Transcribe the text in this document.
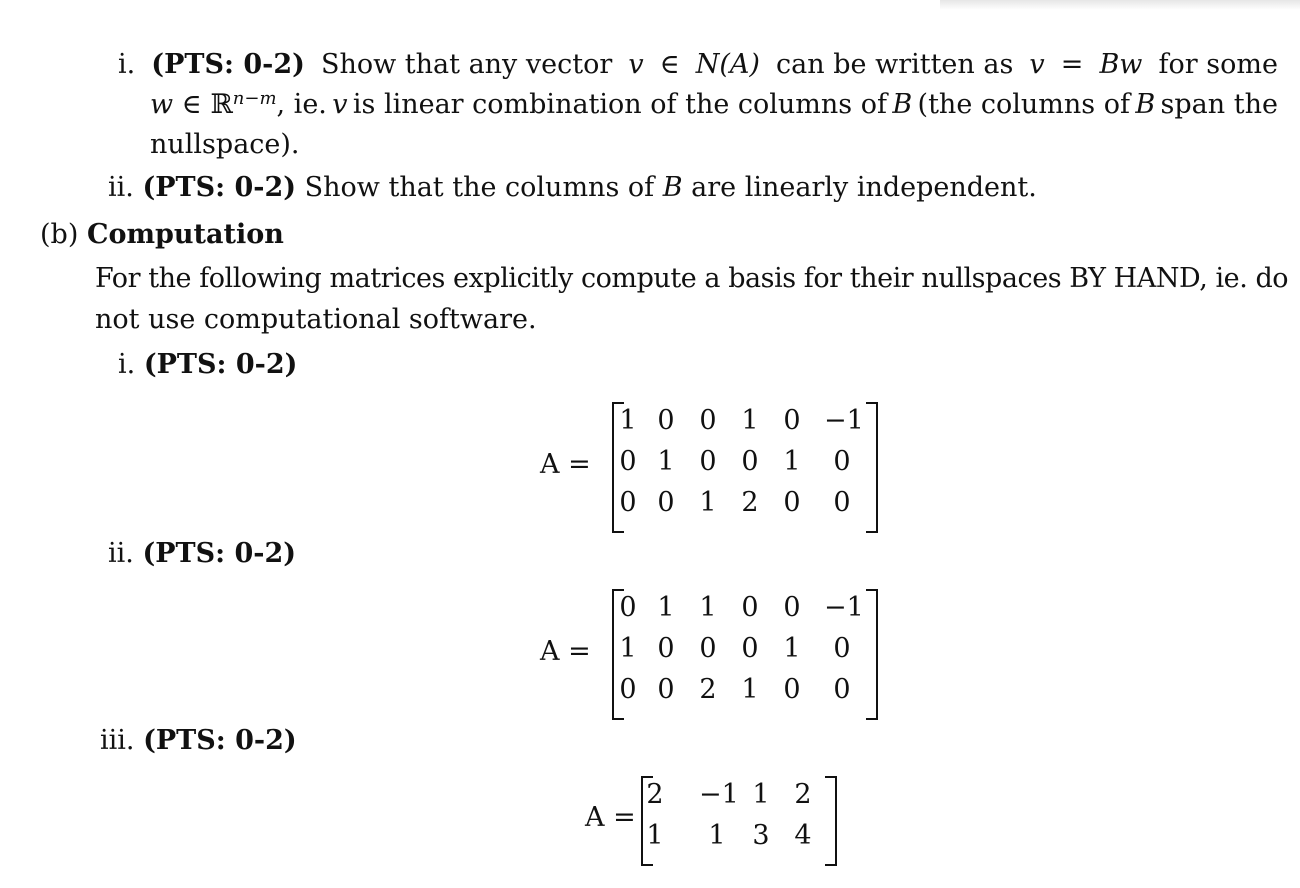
i. (PTS: 0-2) Show that any vector v ∈ N(A) can be written as v = Bw for some
w ∈ ℝ$^{n-m}$, ie. v is linear combination of the columns of B (the columns of B span the
nullspace).
ii. (PTS: 0-2) Show that the columns of B are linearly independent.
(b) Computation
For the following matrices explicitly compute a basis for their nullspaces BY HAND, ie. do
not use computational software.
i. (PTS: 0-2)
ii. (PTS: 0-2)
iii. (PTS: 0-2)
A =
1 0 0 1 0 −1
0 1 0 0 1	0
0 0 1 2 0	0
A =
0 1 1 0 0 −1
1 0 0 0 1	0
0 0 2 1 0	0
A =
2	−1 1 2
1	1 3 4
